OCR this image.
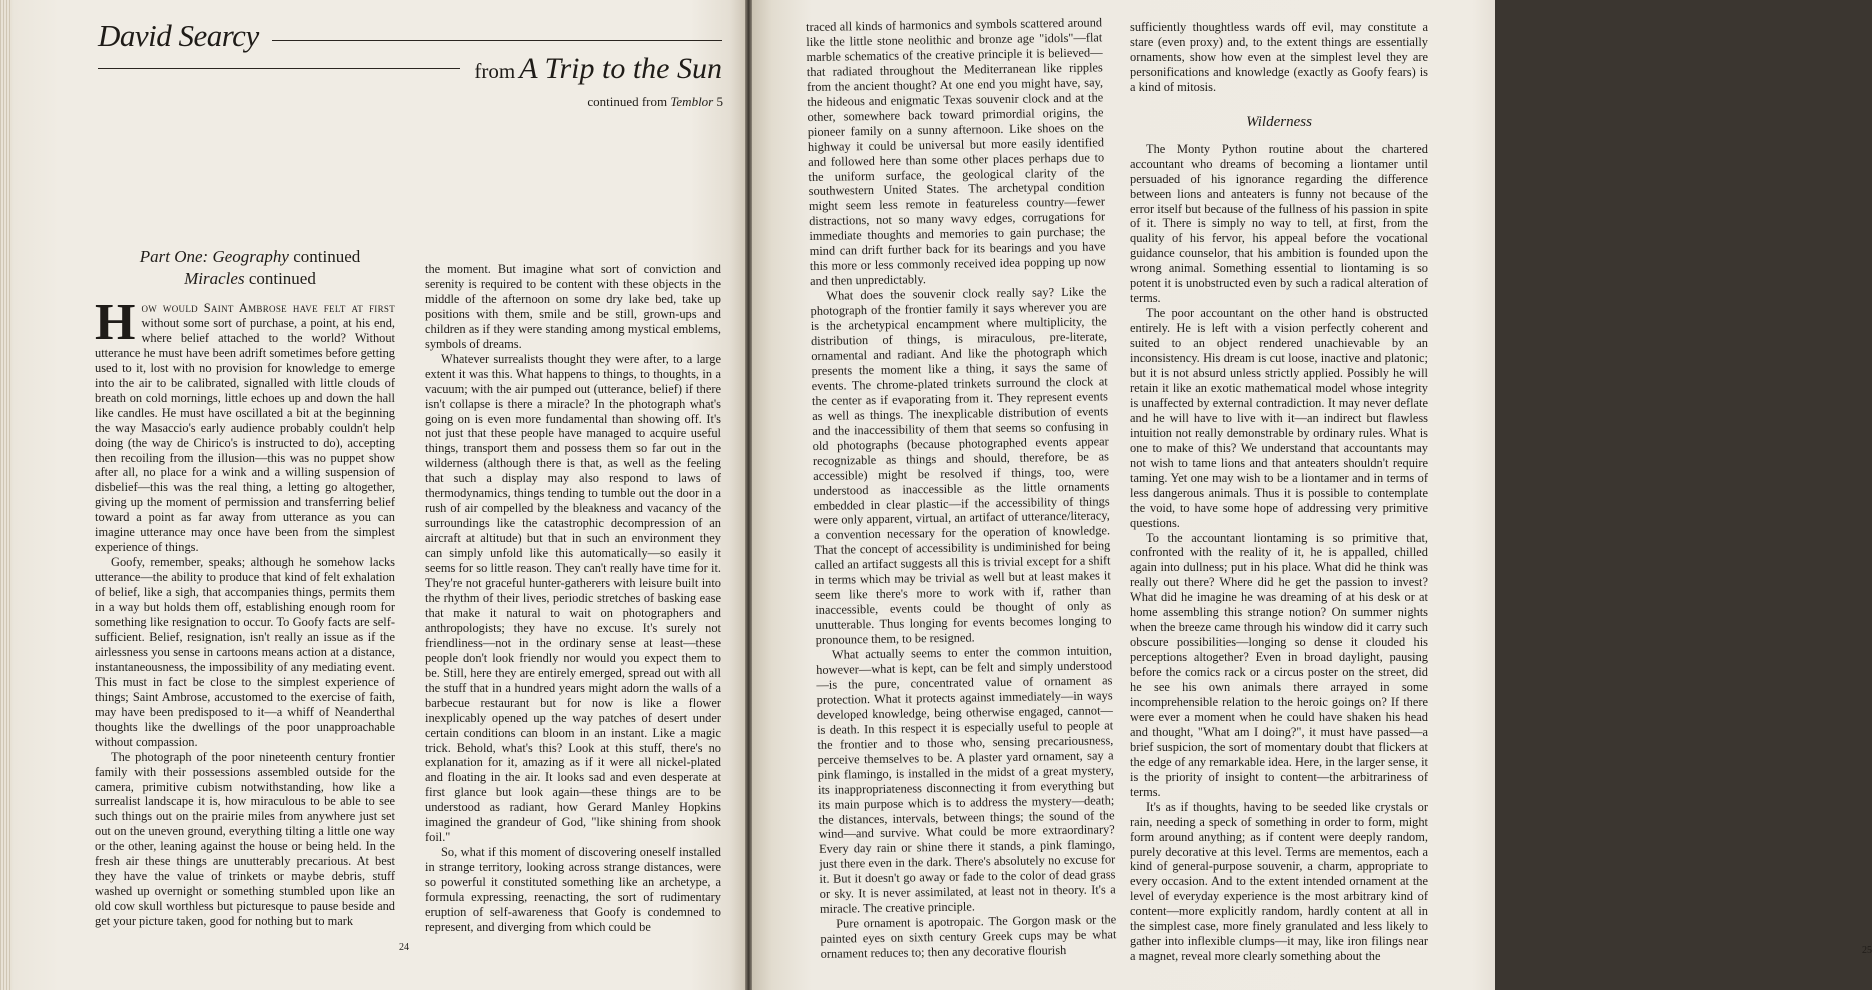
David Searcy
from A Trip to the Sun
continued from Temblor 5
Part One: Geography continued
Miracles continued

How would Saint Ambrose have felt at first without some sort of purchase, a point, at his end, where belief attached to the world? Without utterance he must have been adrift sometimes before getting used to it, lost with no provision for knowledge to emerge into the air to be calibrated, signalled with little clouds of breath on cold mornings, little echoes up and down the hall like candles. He must have oscillated a bit at the beginning the way Masaccio's early audience probably couldn't help doing (the way de Chirico's is instructed to do), accepting then recoiling from the illusion—this was no puppet show after all, no place for a wink and a willing suspension of disbelief—this was the real thing, a letting go altogether, giving up the moment of permission and transferring belief toward a point as far away from utterance as you can imagine utterance may once have been from the simplest experience of things.

Goofy, remember, speaks; although he somehow lacks utterance—the ability to produce that kind of felt exhalation of belief, like a sigh, that accompanies things, permits them in a way but holds them off, establishing enough room for something like resignation to occur. To Goofy facts are self-sufficient. Belief, resignation, isn't really an issue as if the airlessness you sense in cartoons means action at a distance, instantaneousness, the impossibility of any mediating event. This must in fact be close to the simplest experience of things; Saint Ambrose, accustomed to the exercise of faith, may have been predisposed to it—a whiff of Neanderthal thoughts like the dwellings of the poor unapproachable without compassion.

The photograph of the poor nineteenth century frontier family with their possessions assembled outside for the camera, primitive cubism notwithstanding, how like a surrealist landscape it is, how miraculous to be able to see such things out on the prairie miles from anywhere just set out on the uneven ground, everything tilting a little one way or the other, leaning against the house or being held. In the fresh air these things are unutterably precarious. At best they have the value of trinkets or maybe debris, stuff washed up overnight or something stumbled upon like an old cow skull worthless but picturesque to pause beside and get your picture taken, good for nothing but to mark

the moment. But imagine what sort of conviction and serenity is required to be content with these objects in the middle of the afternoon on some dry lake bed, take up positions with them, smile and be still, grown-ups and children as if they were standing among mystical emblems, symbols of dreams.

Whatever surrealists thought they were after, to a large extent it was this. What happens to things, to thoughts, in a vacuum; with the air pumped out (utterance, belief) if there isn't collapse is there a miracle? In the photograph what's going on is even more fundamental than showing off. It's not just that these people have managed to acquire useful things, transport them and possess them so far out in the wilderness (although there is that, as well as the feeling that such a display may also respond to laws of thermodynamics, things tending to tumble out the door in a rush of air compelled by the bleakness and vacancy of the surroundings like the catastrophic decompression of an aircraft at altitude) but that in such an environment they can simply unfold like this automatically—so easily it seems for so little reason. They can't really have time for it. They're not graceful hunter-gatherers with leisure built into the rhythm of their lives, periodic stretches of basking ease that make it natural to wait on photographers and anthropologists; they have no excuse. It's surely not friendliness—not in the ordinary sense at least—these people don't look friendly nor would you expect them to be. Still, here they are entirely emerged, spread out with all the stuff that in a hundred years might adorn the walls of a barbecue restaurant but for now is like a flower inexplicably opened up the way patches of desert under certain conditions can bloom in an instant. Like a magic trick. Behold, what's this? Look at this stuff, there's no explanation for it, amazing as if it were all nickel-plated and floating in the air. It looks sad and even desperate at first glance but look again—these things are to be understood as radiant, how Gerard Manley Hopkins imagined the grandeur of God, "like shining from shook foil."

So, what if this moment of discovering oneself installed in strange territory, looking across strange distances, were so powerful it constituted something like an archetype, a formula expressing, reenacting, the sort of rudimentary eruption of self-awareness that Goofy is condemned to represent, and diverging from which could be

24	25

traced all kinds of harmonics and symbols scattered around like the little stone neolithic and bronze age "idols"—flat marble schematics of the creative principle it is believed—that radiated throughout the Mediterranean like ripples from the ancient thought? At one end you might have, say, the hideous and enigmatic Texas souvenir clock and at the other, somewhere back toward primordial origins, the pioneer family on a sunny afternoon. Like shoes on the highway it could be universal but more easily identified and followed here than some other places perhaps due to the uniform surface, the geological clarity of the southwestern United States. The archetypal condition might seem less remote in featureless country—fewer distractions, not so many wavy edges, corrugations for immediate thoughts and memories to gain purchase; the mind can drift further back for its bearings and you have this more or less commonly received idea popping up now and then unpredictably.

What does the souvenir clock really say? Like the photograph of the frontier family it says wherever you are is the archetypical encampment where multiplicity, the distribution of things, is miraculous, pre-literate, ornamental and radiant. And like the photograph which presents the moment like a thing, it says the same of events. The chrome-plated trinkets surround the clock at the center as if evaporating from it. They represent events as well as things. The inexplicable distribution of events and the inaccessibility of them that seems so confusing in old photographs (because photographed events appear recognizable as things and should, therefore, be as accessible) might be resolved if things, too, were understood as inaccessible as the little ornaments embedded in clear plastic—if the accessibility of things were only apparent, virtual, an artifact of utterance/literacy, a convention necessary for the operation of knowledge. That the concept of accessibility is undiminished for being called an artifact suggests all this is trivial except for a shift in terms which may be trivial as well but at least makes it seem like there's more to work with if, rather than inaccessible, events could be thought of only as unutterable. Thus longing for events becomes longing to pronounce them, to be resigned.

What actually seems to enter the common intuition, however—what is kept, can be felt and simply understood—is the pure, concentrated value of ornament as protection. What it protects against immediately—in ways developed knowledge, being otherwise engaged, cannot—is death. In this respect it is especially useful to people at the frontier and to those who, sensing precariousness, perceive themselves to be. A plaster yard ornament, say a pink flamingo, is installed in the midst of a great mystery, its inappropriateness disconnecting it from everything but its main purpose which is to address the mystery—death; the distances, intervals, between things; the sound of the wind—and survive. What could be more extraordinary? Every day rain or shine there it stands, a pink flamingo, just there even in the dark. There's absolutely no excuse for it. But it doesn't go away or fade to the color of dead grass or sky. It is never assimilated, at least not in theory. It's a miracle. The creative principle.

Pure ornament is apotropaic. The Gorgon mask or the painted eyes on sixth century Greek cups may be what ornament reduces to; then any decorative flourish

sufficiently thoughtless wards off evil, may constitute a stare (even proxy) and, to the extent things are essentially ornaments, show how even at the simplest level they are personifications and knowledge (exactly as Goofy fears) is a kind of mitosis.

Wilderness

The Monty Python routine about the chartered accountant who dreams of becoming a liontamer until persuaded of his ignorance regarding the difference between lions and anteaters is funny not because of the error itself but because of the fullness of his passion in spite of it. There is simply no way to tell, at first, from the quality of his fervor, his appeal before the vocational guidance counselor, that his ambition is founded upon the wrong animal. Something essential to liontaming is so potent it is unobstructed even by such a radical alteration of terms.

The poor accountant on the other hand is obstructed entirely. He is left with a vision perfectly coherent and suited to an object rendered unachievable by an inconsistency. His dream is cut loose, inactive and platonic; but it is not absurd unless strictly applied. Possibly he will retain it like an exotic mathematical model whose integrity is unaffected by external contradiction. It may never deflate and he will have to live with it—an indirect but flawless intuition not really demonstrable by ordinary rules. What is one to make of this? We understand that accountants may not wish to tame lions and that anteaters shouldn't require taming. Yet one may wish to be a liontamer and in terms of less dangerous animals. Thus it is possible to contemplate the void, to have some hope of addressing very primitive questions.

To the accountant liontaming is so primitive that, confronted with the reality of it, he is appalled, chilled again into dullness; put in his place. What did he think was really out there? Where did he get the passion to invest? What did he imagine he was dreaming of at his desk or at home assembling this strange notion? On summer nights when the breeze came through his window did it carry such obscure possibilities—longing so dense it clouded his perceptions altogether? Even in broad daylight, pausing before the comics rack or a circus poster on the street, did he see his own animals there arrayed in some incomprehensible relation to the heroic goings on? If there were ever a moment when he could have shaken his head and thought, "What am I doing?", it must have passed—a brief suspicion, the sort of momentary doubt that flickers at the edge of any remarkable idea. Here, in the larger sense, it is the priority of insight to content—the arbitrariness of terms.

It's as if thoughts, having to be seeded like crystals or rain, needing a speck of something in order to form, might form around anything; as if content were deeply random, purely decorative at this level. Terms are mementos, each a kind of general-purpose souvenir, a charm, appropriate to every occasion. And to the extent intended ornament at the level of everyday experience is the most arbitrary kind of content—more explicitly random, hardly content at all in the simplest case, more finely granulated and less likely to gather into inflexible clumps—it may, like iron filings near a magnet, reveal more clearly something about the
